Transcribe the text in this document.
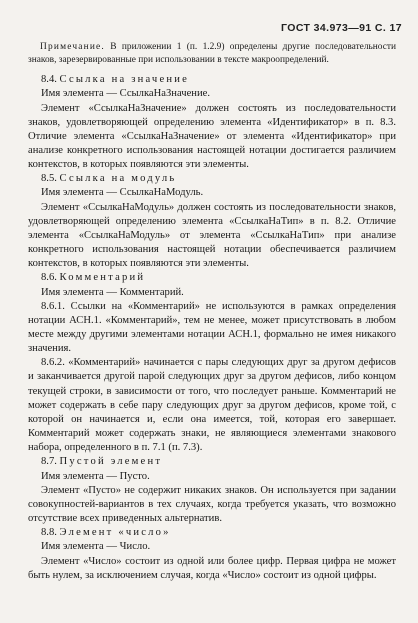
ГОСТ 34.973—91 С. 17
Примечание. В приложении 1 (п. 1.2.9) определены другие последовательности знаков, зарезервированные при использовании в тексте макроопределений.

8.4. Ссылка на значение

Имя элемента — СсылкаНаЗначение.

Элемент «СсылкаНаЗначение» должен состоять из последовательности знаков, удовлетворяющей определению элемента «Идентификатор» в п. 8.3. Отличие элемента «СсылкаНаЗначение» от элемента «Идентификатор» при анализе конкретного использования настоящей нотации достигается различием контекстов, в которых появляются эти элементы.

8.5. Ссылка на модуль

Имя элемента — СсылкаНаМодуль.

Элемент «СсылкаНаМодуль» должен состоять из последовательности знаков, удовлетворяющей определению элемента «СсылкаНаТип» в п. 8.2. Отличие элемента «СсылкаНаМодуль» от элемента «СсылкаНаТип» при анализе конкретного использования настоящей нотации обеспечивается различием контекстов, в которых появляются эти элементы.

8.6. Комментарий

Имя элемента — Комментарий.

8.6.1. Ссылки на «Комментарий» не используются в рамках определения нотации АСН.1. «Комментарий», тем не менее, может присутствовать в любом месте между другими элементами нотации АСН.1, формально не имея никакого значения.

8.6.2. «Комментарий» начинается с пары следующих друг за другом дефисов и заканчивается другой парой следующих друг за другом дефисов, либо концом текущей строки, в зависимости от того, что последует раньше. Комментарий не может содержать в себе пару следующих друг за другом дефисов, кроме той, с которой он начинается и, если она имеется, той, которая его завершает. Комментарий может содержать знаки, не являющиеся элементами знакового набора, определенного в п. 7.1 (п. 7.3).

8.7. Пустой элемент

Имя элемента — Пусто.

Элемент «Пусто» не содержит никаких знаков. Он используется при задании совокупностей-вариантов в тех случаях, когда требуется указать, что возможно отсутствие всех приведенных альтернатив.

8.8. Элемент «число»

Имя элемента — Число.

Элемент «Число» состоит из одной или более цифр. Первая цифра не может быть нулем, за исключением случая, когда «Число» состоит из одной цифры.
